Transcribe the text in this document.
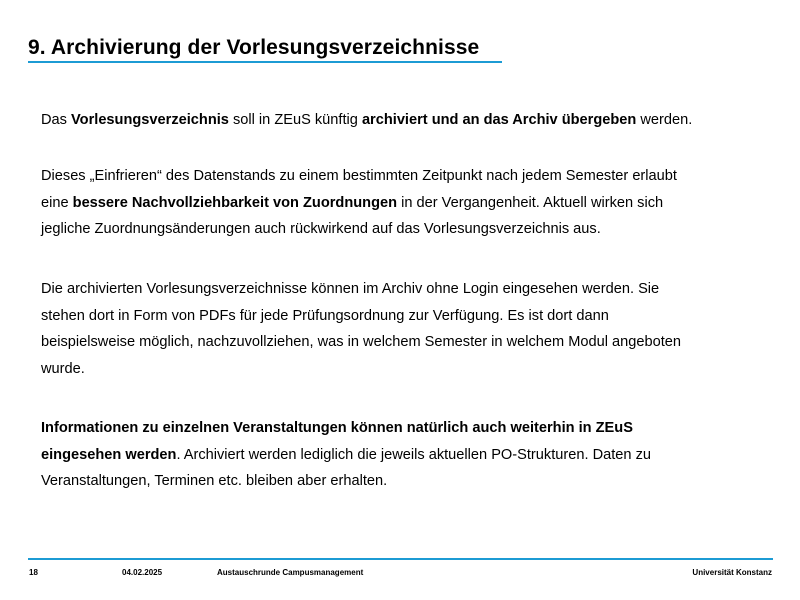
9. Archivierung der Vorlesungsverzeichnisse
Das Vorlesungsverzeichnis soll in ZEuS künftig archiviert und an das Archiv übergeben werden.
Dieses „Einfrieren“ des Datenstands zu einem bestimmten Zeitpunkt nach jedem Semester erlaubt
eine bessere Nachvollziehbarkeit von Zuordnungen in der Vergangenheit. Aktuell wirken sich
jegliche Zuordnungsänderungen auch rückwirkend auf das Vorlesungsverzeichnis aus.
Die archivierten Vorlesungsverzeichnisse können im Archiv ohne Login eingesehen werden. Sie
stehen dort in Form von PDFs für jede Prüfungsordnung zur Verfügung. Es ist dort dann
beispielsweise möglich, nachzuvollziehen, was in welchem Semester in welchem Modul angeboten
wurde.
Informationen zu einzelnen Veranstaltungen können natürlich auch weiterhin in ZEuS
eingesehen werden. Archiviert werden lediglich die jeweils aktuellen PO-Strukturen. Daten zu
Veranstaltungen, Terminen etc. bleiben aber erhalten.
18	04.02.2025	Austauschrunde Campusmanagement	Universität Konstanz
